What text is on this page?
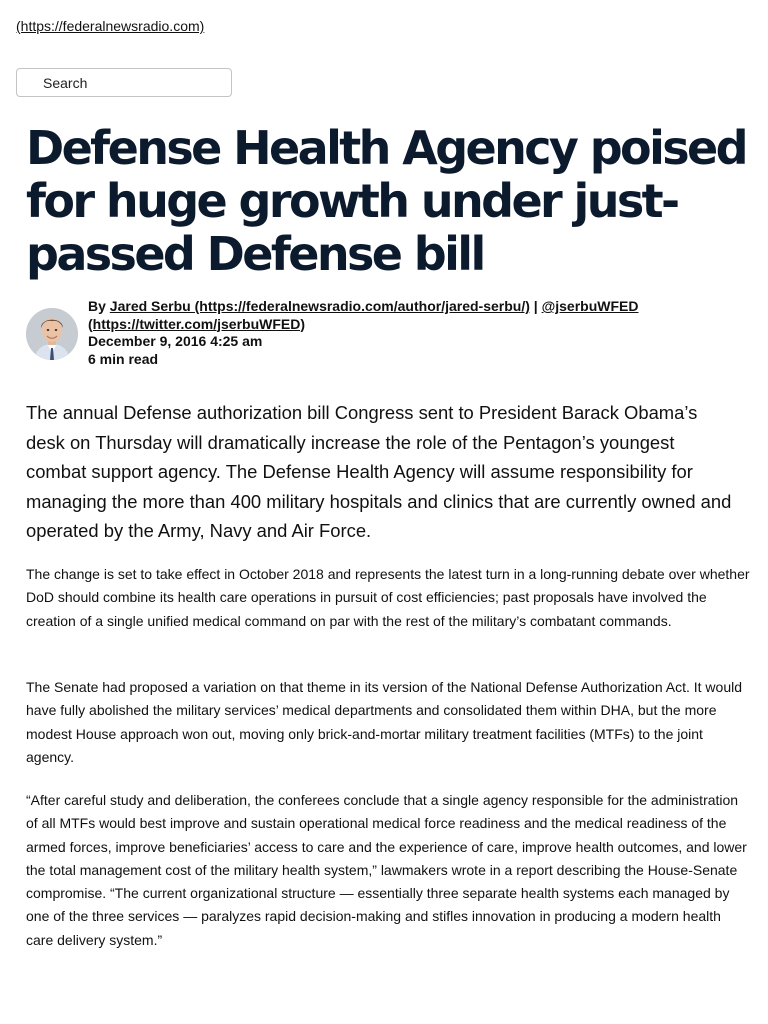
(https://federalnewsradio.com)
Search
Defense Health Agency poised for huge growth under just-passed Defense bill
By Jared Serbu (https://federalnewsradio.com/author/jared-serbu/) | @jserbuWFED
(https://twitter.com/jserbuWFED)
December 9, 2016 4:25 am
6 min read

The annual Defense authorization bill Congress sent to President Barack Obama’s desk on Thursday will dramatically increase the role of the Pentagon’s youngest combat support agency. The Defense Health Agency will assume responsibility for managing the more than 400 military hospitals and clinics that are currently owned and operated by the Army, Navy and Air Force.

The change is set to take effect in October 2018 and represents the latest turn in a long-running debate over whether DoD should combine its health care operations in pursuit of cost efficiencies; past proposals have involved the creation of a single unified medical command on par with the rest of the military’s combatant commands.

The Senate had proposed a variation on that theme in its version of the National Defense Authorization Act. It would have fully abolished the military services’ medical departments and consolidated them within DHA, but the more modest House approach won out, moving only brick-and-mortar military treatment facilities (MTFs) to the joint agency.

“After careful study and deliberation, the conferees conclude that a single agency responsible for the administration of all MTFs would best improve and sustain operational medical force readiness and the medical readiness of the armed forces, improve beneficiaries’ access to care and the experience of care, improve health outcomes, and lower the total management cost of the military health system,” lawmakers wrote in a report describing the House-Senate compromise. “The current organizational structure — essentially three separate health systems each managed by one of the three services — paralyzes rapid decision-making and stifles innovation in producing a modern health care delivery system.”
